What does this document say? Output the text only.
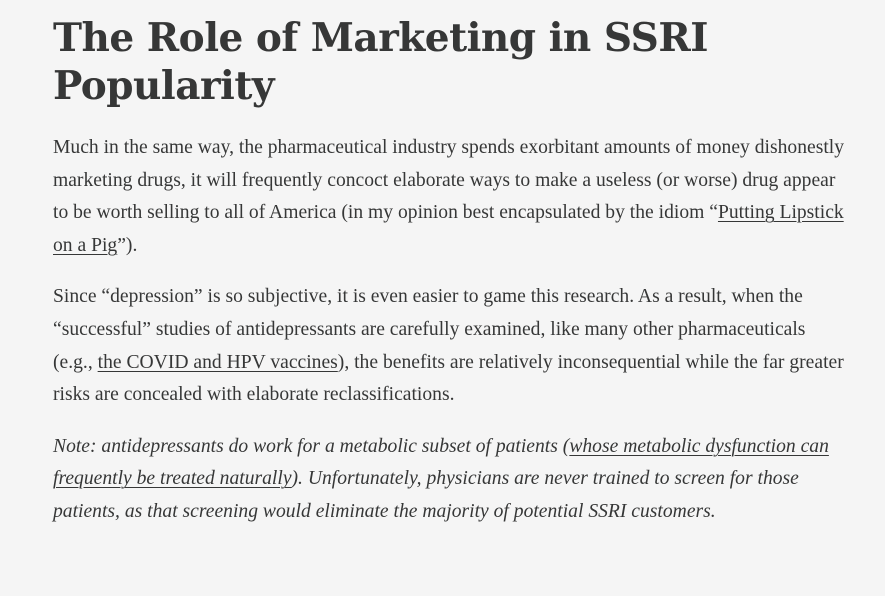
The Role of Marketing in SSRI Popularity

Much in the same way, the pharmaceutical industry spends exorbitant amounts of money dishonestly marketing drugs, it will frequently concoct elaborate ways to make a useless (or worse) drug appear to be worth selling to all of America (in my opinion best encapsulated by the idiom “Putting Lipstick on a Pig”).

Since “depression” is so subjective, it is even easier to game this research. As a result, when the “successful” studies of antidepressants are carefully examined, like many other pharmaceuticals (e.g., the COVID and HPV vaccines), the benefits are relatively inconsequential while the far greater risks are concealed with elaborate reclassifications.

Note: antidepressants do work for a metabolic subset of patients (whose metabolic dysfunction can frequently be treated naturally). Unfortunately, physicians are never trained to screen for those patients, as that screening would eliminate the majority of potential SSRI customers.
